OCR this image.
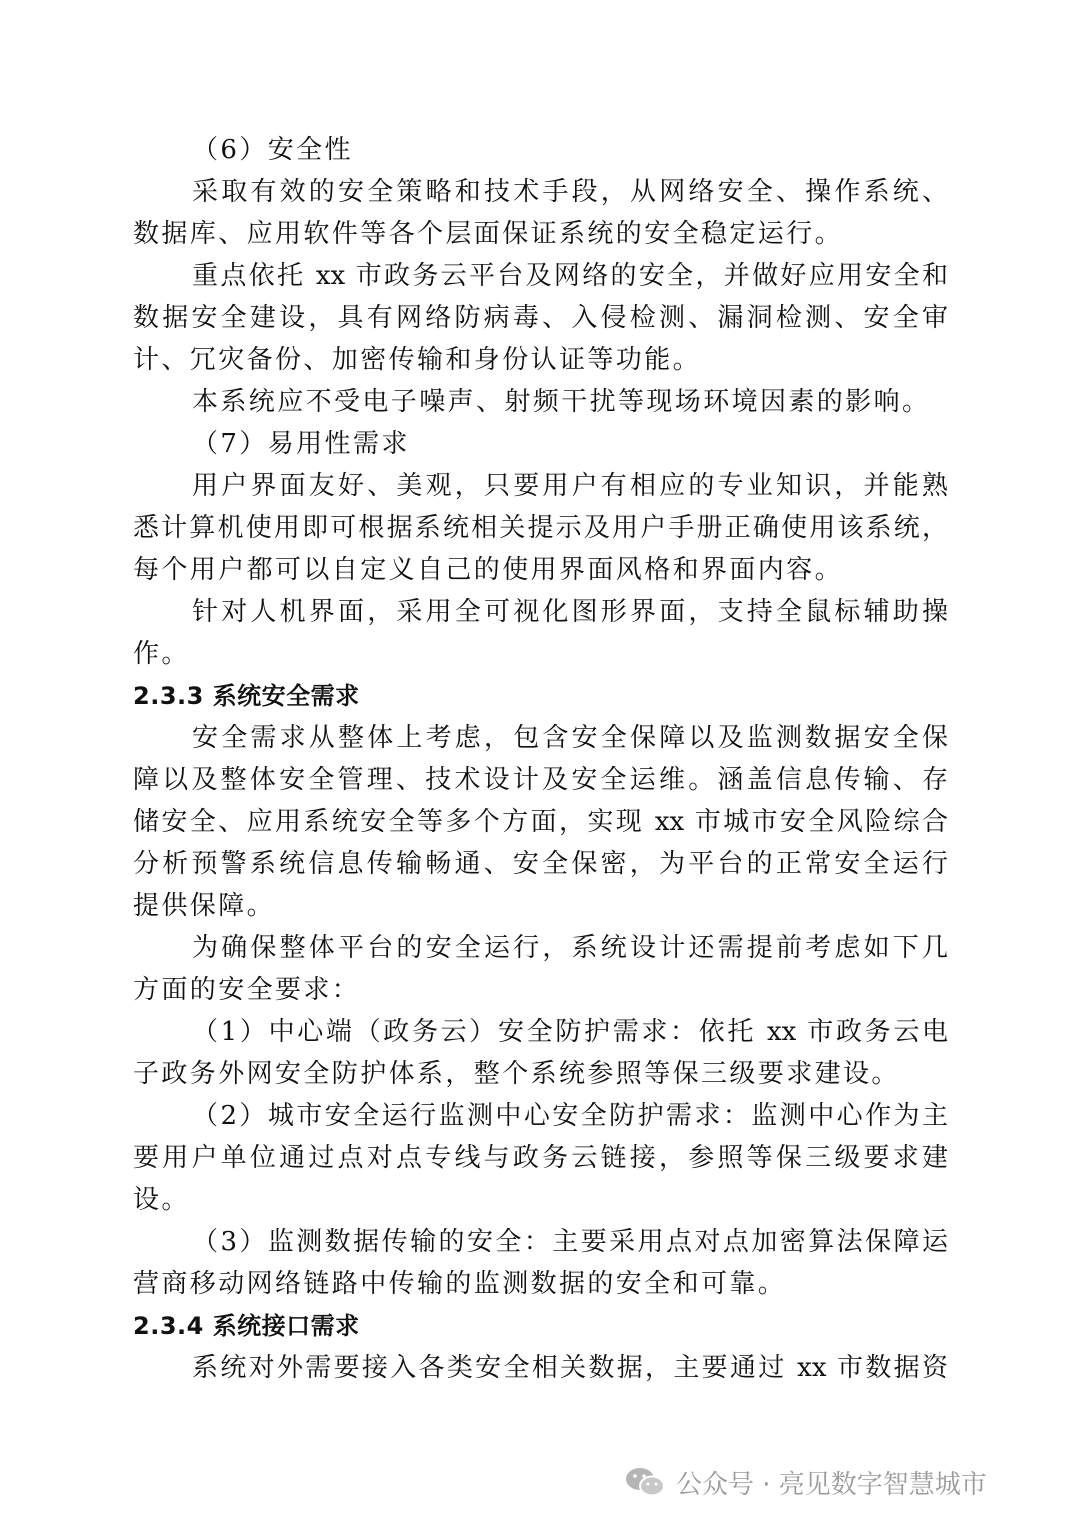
（6）安全性
采取有效的安全策略和技术手段，从网络安全、操作系统、
数据库、应用软件等各个层面保证系统的安全稳定运行。
重点依托 xx 市政务云平台及网络的安全，并做好应用安全和
数据安全建设，具有网络防病毒、入侵检测、漏洞检测、安全审
计、冗灾备份、加密传输和身份认证等功能。
本系统应不受电子噪声、射频干扰等现场环境因素的影响。
（7）易用性需求
用户界面友好、美观，只要用户有相应的专业知识，并能熟
悉计算机使用即可根据系统相关提示及用户手册正确使用该系统，
每个用户都可以自定义自己的使用界面风格和界面内容。
针对人机界面，采用全可视化图形界面，支持全鼠标辅助操
作。
2.3.3 系统安全需求
安全需求从整体上考虑，包含安全保障以及监测数据安全保
障以及整体安全管理、技术设计及安全运维。涵盖信息传输、存
储安全、应用系统安全等多个方面，实现 xx 市城市安全风险综合
分析预警系统信息传输畅通、安全保密，为平台的正常安全运行
提供保障。
为确保整体平台的安全运行，系统设计还需提前考虑如下几
方面的安全要求：
（1）中心端（政务云）安全防护需求：依托 xx 市政务云电
子政务外网安全防护体系，整个系统参照等保三级要求建设。
（2）城市安全运行监测中心安全防护需求：监测中心作为主
要用户单位通过点对点专线与政务云链接，参照等保三级要求建
设。
（3）监测数据传输的安全：主要采用点对点加密算法保障运
营商移动网络链路中传输的监测数据的安全和可靠。
2.3.4 系统接口需求
系统对外需要接入各类安全相关数据，主要通过 xx 市数据资
公众号 · 亮见数字智慧城市
